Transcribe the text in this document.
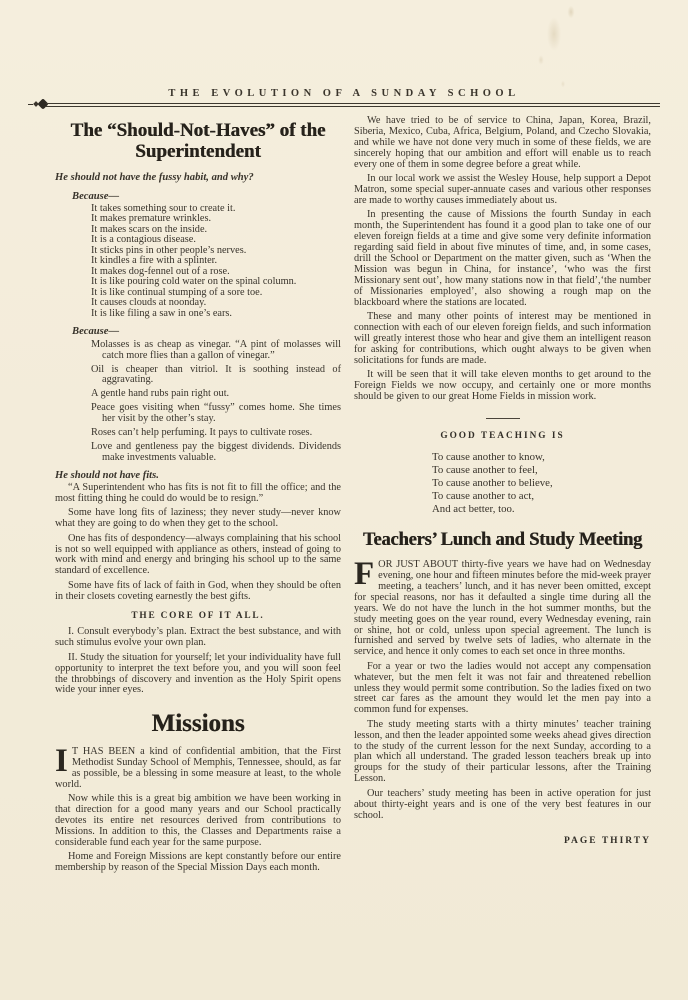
THE EVOLUTION OF A SUNDAY SCHOOL
The “Should-Not-Haves” of the
Superintendent
He should not have the fussy habit, and why?
Because—
It takes something sour to create it.
It makes premature wrinkles.
It makes scars on the inside.
It is a contagious disease.
It sticks pins in other people’s nerves.
It kindles a fire with a splinter.
It makes dog-fennel out of a rose.
It is like pouring cold water on the spinal column.
It is like continual stumping of a sore toe.
It causes clouds at noonday.
It is like filing a saw in one’s ears.
Because—
Molasses is as cheap as vinegar. “A pint of molasses will catch more flies than a gallon of vinegar.”
Oil is cheaper than vitriol. It is soothing instead of aggravating.
A gentle hand rubs pain right out.
Peace goes visiting when “fussy” comes home. She times her visit by the other’s stay.
Roses can’t help perfuming. It pays to cultivate roses.
Love and gentleness pay the biggest dividends. Dividends make investments valuable.
He should not have fits.

“A Superintendent who has fits is not fit to fill the office; and the most fitting thing he could do would be to resign.”

Some have long fits of laziness; they never study—never know what they are going to do when they get to the school.

One has fits of despondency—always complaining that his school is not so well equipped with appliance as others, instead of going to work with mind and energy and bringing his school up to the same standard of excellence.

Some have fits of lack of faith in God, when they should be often in their closets coveting earnestly the best gifts.

THE CORE OF IT ALL.

I. Consult everybody’s plan. Extract the best substance, and with such stimulus evolve your own plan.

II. Study the situation for yourself; let your individuality have full opportunity to interpret the text before you, and you will soon feel the throbbings of discovery and invention as the Holy Spirit opens wide your inner eyes.

Missions

I T HAS BEEN a kind of confidential ambition, that the First Methodist Sunday School of Memphis, Tennessee, should, as far as possible, be a blessing in some measure at least, to the whole world.

Now while this is a great big ambition we have been working in that direction for a good many years and our School practically devotes its entire net resources derived from contributions to Missions. In addition to this, the Classes and Departments raise a considerable fund each year for the same purpose.

Home and Foreign Missions are kept constantly before our entire membership by reason of the Special Mission Days each month.

We have tried to be of service to China, Japan, Korea, Brazil, Siberia, Mexico, Cuba, Africa, Belgium, Poland, and Czecho Slovakia, and while we have not done very much in some of these fields, we are sincerely hoping that our ambition and effort will enable us to reach every one of them in some degree before a great while.

In our local work we assist the Wesley House, help support a Depot Matron, some special super-annuate cases and various other responses are made to worthy causes immediately about us.

In presenting the cause of Missions the fourth Sunday in each month, the Superintendent has found it a good plan to take one of our eleven foreign fields at a time and give some very definite information regarding said field in about five minutes of time, and, in some cases, drill the School or Department on the matter given, such as ‘When the Mission was begun in China, for instance’, ‘who was the first Missionary sent out’, how many stations now in that field’,‘the number of Missionaries employed’, also showing a rough map on the blackboard where the stations are located.

These and many other points of interest may be mentioned in connection with each of our eleven foreign fields, and such information will greatly interest those who hear and give them an intelligent reason for asking for contributions, which ought always to be given when solicitations for funds are made.

It will be seen that it will take eleven months to get around to the Foreign Fields we now occupy, and certainly one or more months should be given to our great Home Fields in mission work.

GOOD TEACHING IS
To cause another to know,
To cause another to feel,
To cause another to believe,
To cause another to act,
And act better, too.
Teachers’ Lunch and Study Meeting

FOR JUST ABOUT thirty-five years we have had on Wednesday evening, one hour and fifteen minutes before the mid-week prayer meeting, a teachers’ lunch, and it has never been omitted, except for special reasons, nor has it defaulted a single time during all the years. We do not have the lunch in the hot summer months, but the study meeting goes on the year round, every Wednesday evening, rain or shine, hot or cold, unless upon special agreement. The lunch is furnished and served by twelve sets of ladies, who alternate in the service, and hence it only comes to each set once in three months.

For a year or two the ladies would not accept any compensation whatever, but the men felt it was not fair and threatened rebellion unless they would permit some contribution. So the ladies fixed on two street car fares as the amount they would let the men pay into a common fund for expenses.

The study meeting starts with a thirty minutes’ teacher training lesson, and then the leader appointed some weeks ahead gives direction to the study of the current lesson for the next Sunday, according to a plan which all understand. The graded lesson teachers break up into groups for the study of their particular lessons, after the Training Lesson.

Our teachers’ study meeting has been in active operation for just about thirty-eight years and is one of the very best features in our school.

PAGE THIRTY
